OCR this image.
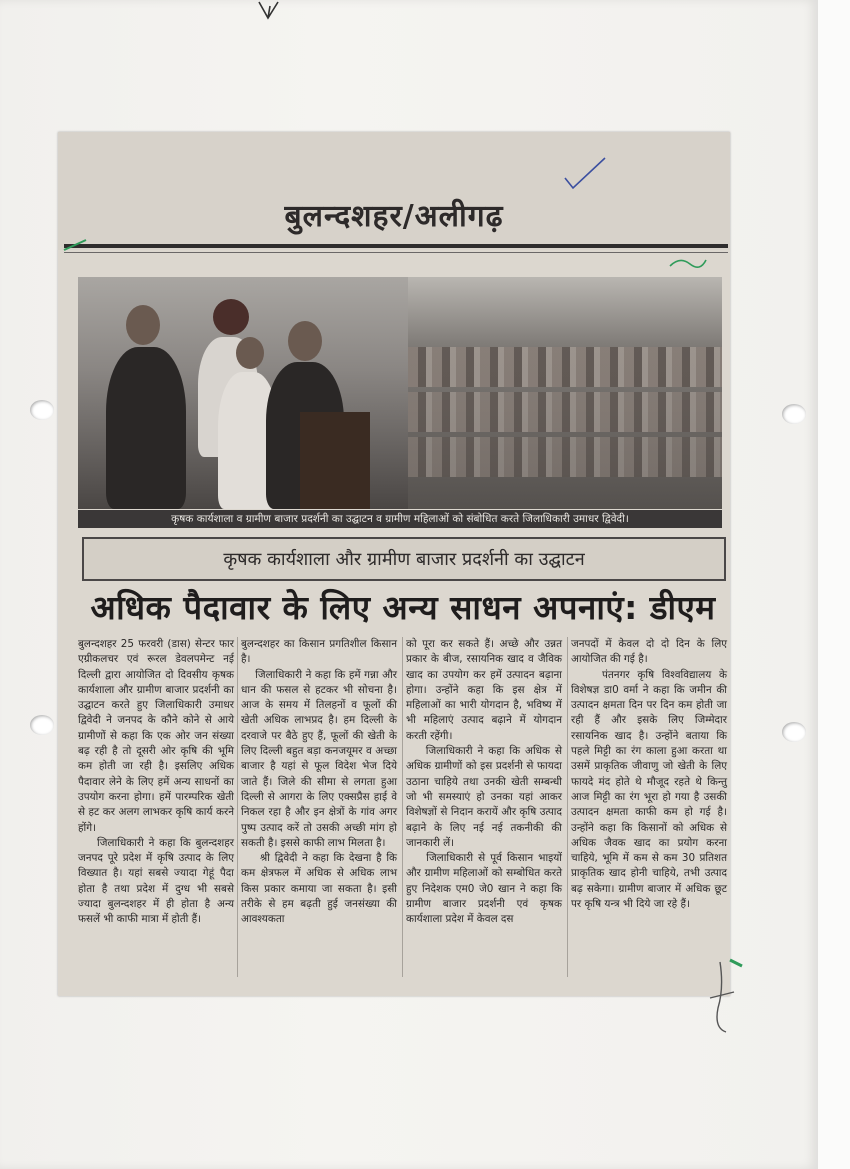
बुलन्दशहर/अलीगढ़
कृषक कार्यशाला व ग्रामीण बाजार प्रदर्शनी का उद्घाटन व ग्रामीण महिलाओं को संबोधित करते जिलाधिकारी उमाधर द्विवेदी।
कृषक कार्यशाला और ग्रामीण बाजार प्रदर्शनी का उद्घाटन
अधिक पैदावार के लिए अन्य साधन अपनाएं: डीएम
बुलन्दशहर 25 फरवरी (डास) सेन्टर फार एग्रीकलचर एवं रूरल डेवलपमेन्ट नई दिल्ली द्वारा आयोजित दो दिवसीय कृषक कार्यशाला और ग्रामीण बाजार प्रदर्शनी का उद्घाटन करते हुए जिलाधिकारी उमाधर द्विवेदी ने जनपद के कौने कोने से आये ग्रामीणों से कहा कि एक ओर जन संख्या बढ़ रही है तो दूसरी ओर कृषि की भूमि कम होती जा रही है। इसलिए अधिक पैदावार लेने के लिए हमें अन्य साधनों का उपयोग करना होगा। हमें पारम्परिक खेती से हट कर अलग लाभकर कृषि कार्य करने होंगे।
जिलाधिकारी ने कहा कि बुलन्दशहर जनपद पूरे प्रदेश में कृषि उत्पाद के लिए विख्यात है। यहां सबसे ज्यादा गेहूं पैदा होता है तथा प्रदेश में दुग्ध भी सबसे ज्यादा बुलन्दशहर में ही होता है अन्य फसलें भी काफी मात्रा में होती हैं।
बुलन्दशहर का किसान प्रगतिशील किसान है।
जिलाधिकारी ने कहा कि हमें गन्ना और धान की फसल से हटकर भी सोचना है। आज के समय में तिलहनों व फूलों की खेती अधिक लाभप्रद है। हम दिल्ली के दरवाजे पर बैठे हुए हैं, फूलों की खेती के लिए दिल्ली बहुत बड़ा कनजयूमर व अच्छा बाजार है यहां से फूल विदेश भेज दिये जाते हैं। जिले की सीमा से लगता हुआ दिल्ली से आगरा के लिए एक्सप्रैस हाई वे निकल रहा है और इन क्षेत्रों के गांव अगर पुष्प उत्पाद करें तो उसकी अच्छी मांग हो सकती है। इससे काफी लाभ मिलता है।
श्री द्विवेदी ने कहा कि देखना है कि कम क्षेत्रफल में अधिक से अधिक लाभ किस प्रकार कमाया जा सकता है। इसी तरीके से हम बढ़ती हुई जनसंख्या की आवश्यकता
को पूरा कर सकते हैं। अच्छे और उन्नत प्रकार के बीज, रसायनिक खाद व जैविक खाद का उपयोग कर हमें उत्पादन बढ़ाना होगा। उन्होंने कहा कि इस क्षेत्र में महिलाओं का भारी योगदान है, भविष्य में भी महिलाएं उत्पाद बढ़ाने में योगदान करती रहेंगी।
जिलाधिकारी ने कहा कि अधिक से अधिक ग्रामीणों को इस प्रदर्शनी से फायदा उठाना चाहिये तथा उनकी खेती सम्बन्धी जो भी समस्याएं हो उनका यहां आकर विशेषज्ञों से निदान करायें और कृषि उत्पाद बढ़ाने के लिए नई नई तकनीकी की जानकारी लें।
जिलाधिकारी से पूर्व किसान भाइयों और ग्रामीण महिलाओं को सम्बोधित करते हुए निदेशक एम0 जे0 खान ने कहा कि ग्रामीण बाजार प्रदर्शनी एवं कृषक कार्यशाला प्रदेश में केवल दस
जनपदों में केवल दो दो दिन के लिए आयोजित की गई है।
पंतनगर कृषि विश्वविद्यालय के विशेषज्ञ डा0 वर्मा ने कहा कि जमीन की उत्पादन क्षमता दिन पर दिन कम होती जा रही हैं और इसके लिए जिम्मेदार रसायनिक खाद है। उन्होंने बताया कि पहले मिट्टी का रंग काला हुआ करता था उसमें प्राकृतिक जीवाणु जो खेती के लिए फायदे मंद होते थे मौजूद रहते थे किन्तु आज मिट्टी का रंग भूरा हो गया है उसकी उत्पादन क्षमता काफी कम हो गई है। उन्होंने कहा कि किसानों को अधिक से अधिक जैवक खाद का प्रयोग करना चाहिये, भूमि में कम से कम 30 प्रतिशत प्राकृतिक खाद होनी चाहिये, तभी उत्पाद बढ़ सकेगा। ग्रामीण बाजार में अधिक छूट पर कृषि यन्त्र भी दिये जा रहे हैं।
